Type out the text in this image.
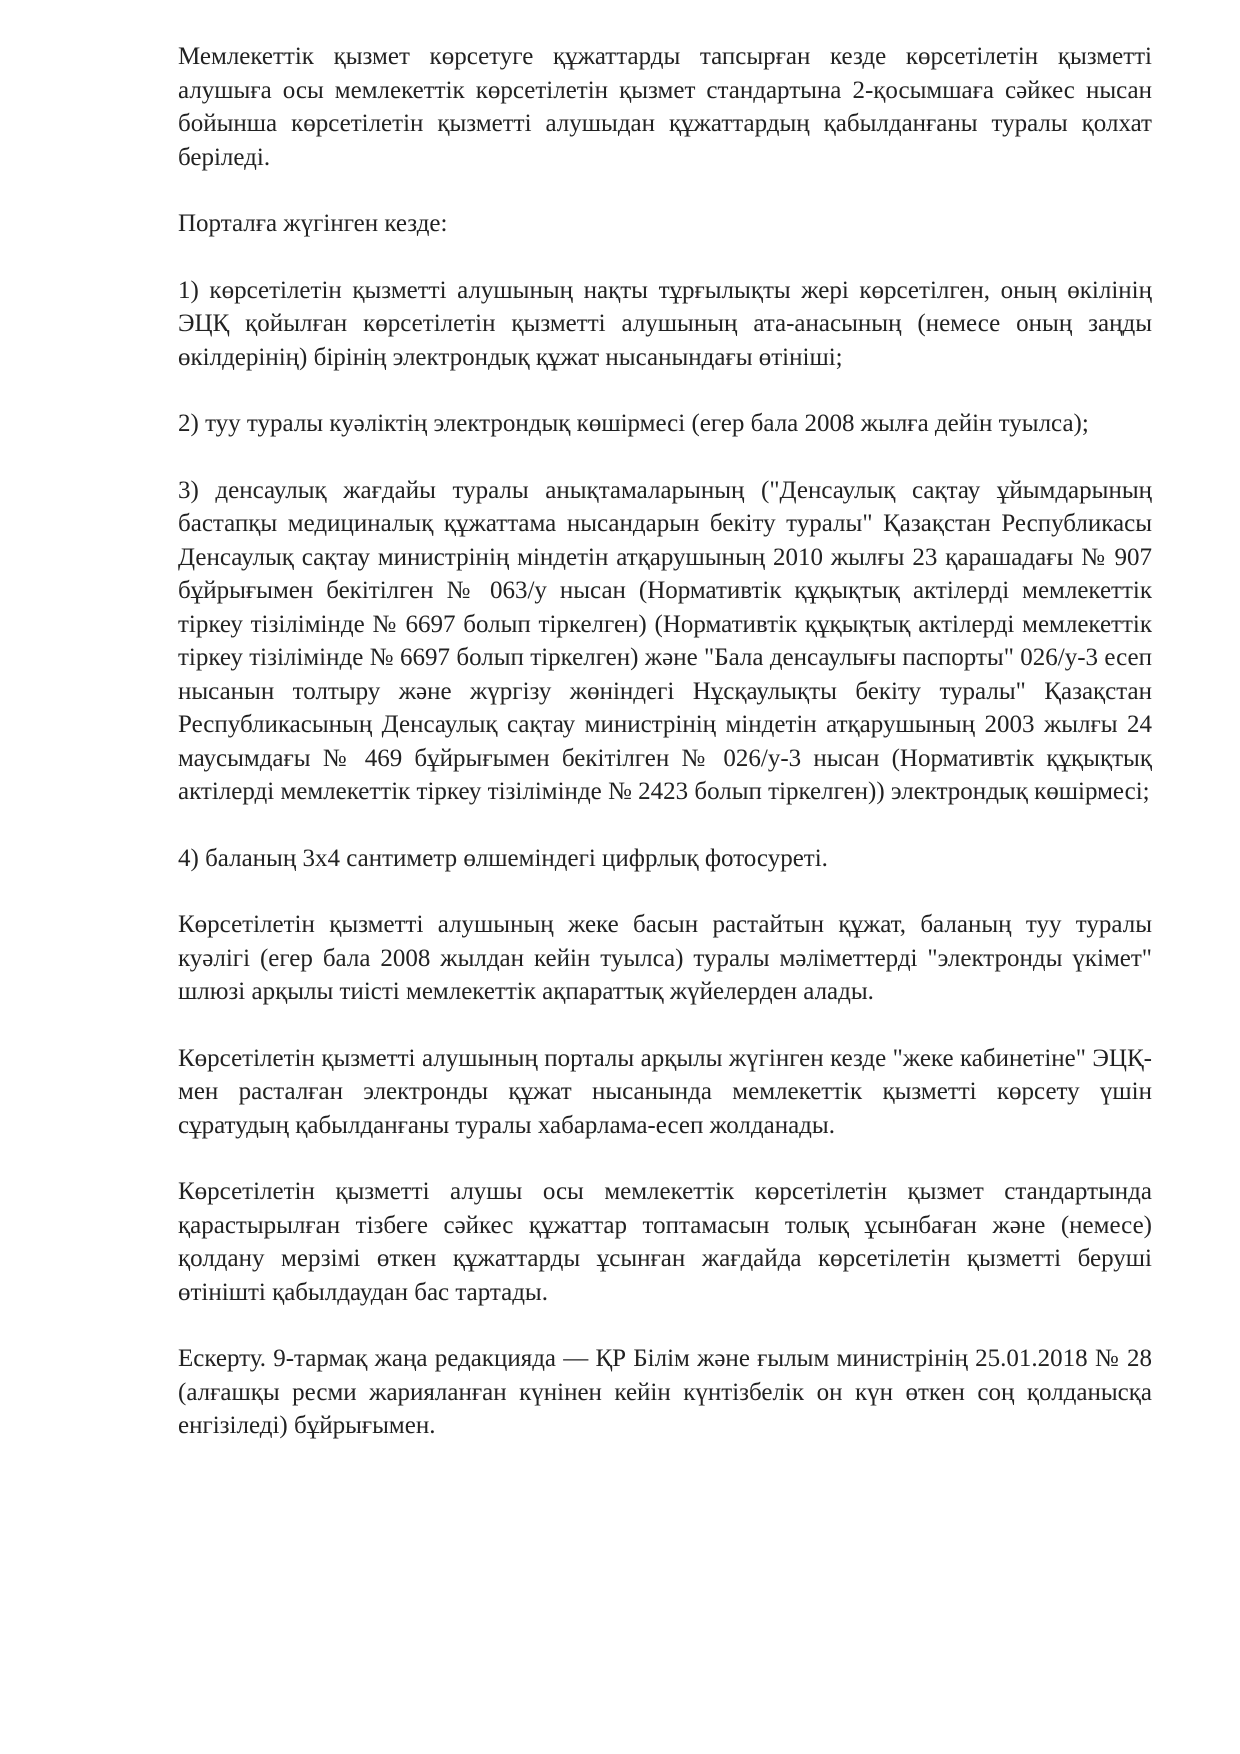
Мемлекеттік қызмет көрсетуге құжаттарды тапсырған кезде көрсетілетін қызметті алушыға осы мемлекеттік көрсетілетін қызмет стандартына 2-қосымшаға сәйкес нысан бойынша көрсетілетін қызметті алушыдан құжаттардың қабылданғаны туралы қолхат беріледі.

Порталға жүгінген кезде:

1) көрсетілетін қызметті алушының нақты тұрғылықты жері көрсетілген, оның өкілінің ЭЦҚ қойылған көрсетілетін қызметті алушының ата-анасының (немесе оның заңды өкілдерінің) бірінің электрондық құжат нысанындағы өтініші;

2) туу туралы куәліктің электрондық көшірмесі (егер бала 2008 жылға дейін туылса);

3) денсаулық жағдайы туралы анықтамаларының ("Денсаулық сақтау ұйымдарының бастапқы медициналық құжаттама нысандарын бекіту туралы" Қазақстан Республикасы Денсаулық сақтау министрінің міндетін атқарушының 2010 жылғы 23 қарашадағы № 907 бұйрығымен бекітілген № 063/у нысан (Нормативтік құқықтық актілерді мемлекеттік тіркеу тізілімінде № 6697 болып тіркелген) (Нормативтік құқықтық актілерді мемлекеттік тіркеу тізілімінде № 6697 болып тіркелген) және "Бала денсаулығы паспорты" 026/у-3 есеп нысанын толтыру және жүргізу жөніндегі Нұсқаулықты бекіту туралы" Қазақстан Республикасының Денсаулық сақтау министрінің міндетін атқарушының 2003 жылғы 24 маусымдағы № 469 бұйрығымен бекітілген № 026/у-3 нысан (Нормативтік құқықтық актілерді мемлекеттік тіркеу тізілімінде № 2423 болып тіркелген)) электрондық көшірмесі;

4) баланың 3х4 сантиметр өлшеміндегі цифрлық фотосуреті.

Көрсетілетін қызметті алушының жеке басын растайтын құжат, баланың туу туралы куәлігі (егер бала 2008 жылдан кейін туылса) туралы мәліметтерді "электронды үкімет" шлюзі арқылы тиісті мемлекеттік ақпараттық жүйелерден алады.

Көрсетілетін қызметті алушының порталы арқылы жүгінген кезде "жеке кабинетіне" ЭЦҚ-мен расталған электронды құжат нысанында мемлекеттік қызметті көрсету үшін сұратудың қабылданғаны туралы хабарлама-есеп жолданады.

Көрсетілетін қызметті алушы осы мемлекеттік көрсетілетін қызмет стандартында қарастырылған тізбеге сәйкес құжаттар топтамасын толық ұсынбаған және (немесе) қолдану мерзімі өткен құжаттарды ұсынған жағдайда көрсетілетін қызметті беруші өтінішті қабылдаудан бас тартады.

Ескерту. 9-тармақ жаңа редакцияда — ҚР Білім және ғылым министрінің 25.01.2018 № 28 (алғашқы ресми жарияланған күнінен кейін күнтізбелік он күн өткен соң қолданысқа енгізіледі) бұйрығымен.
